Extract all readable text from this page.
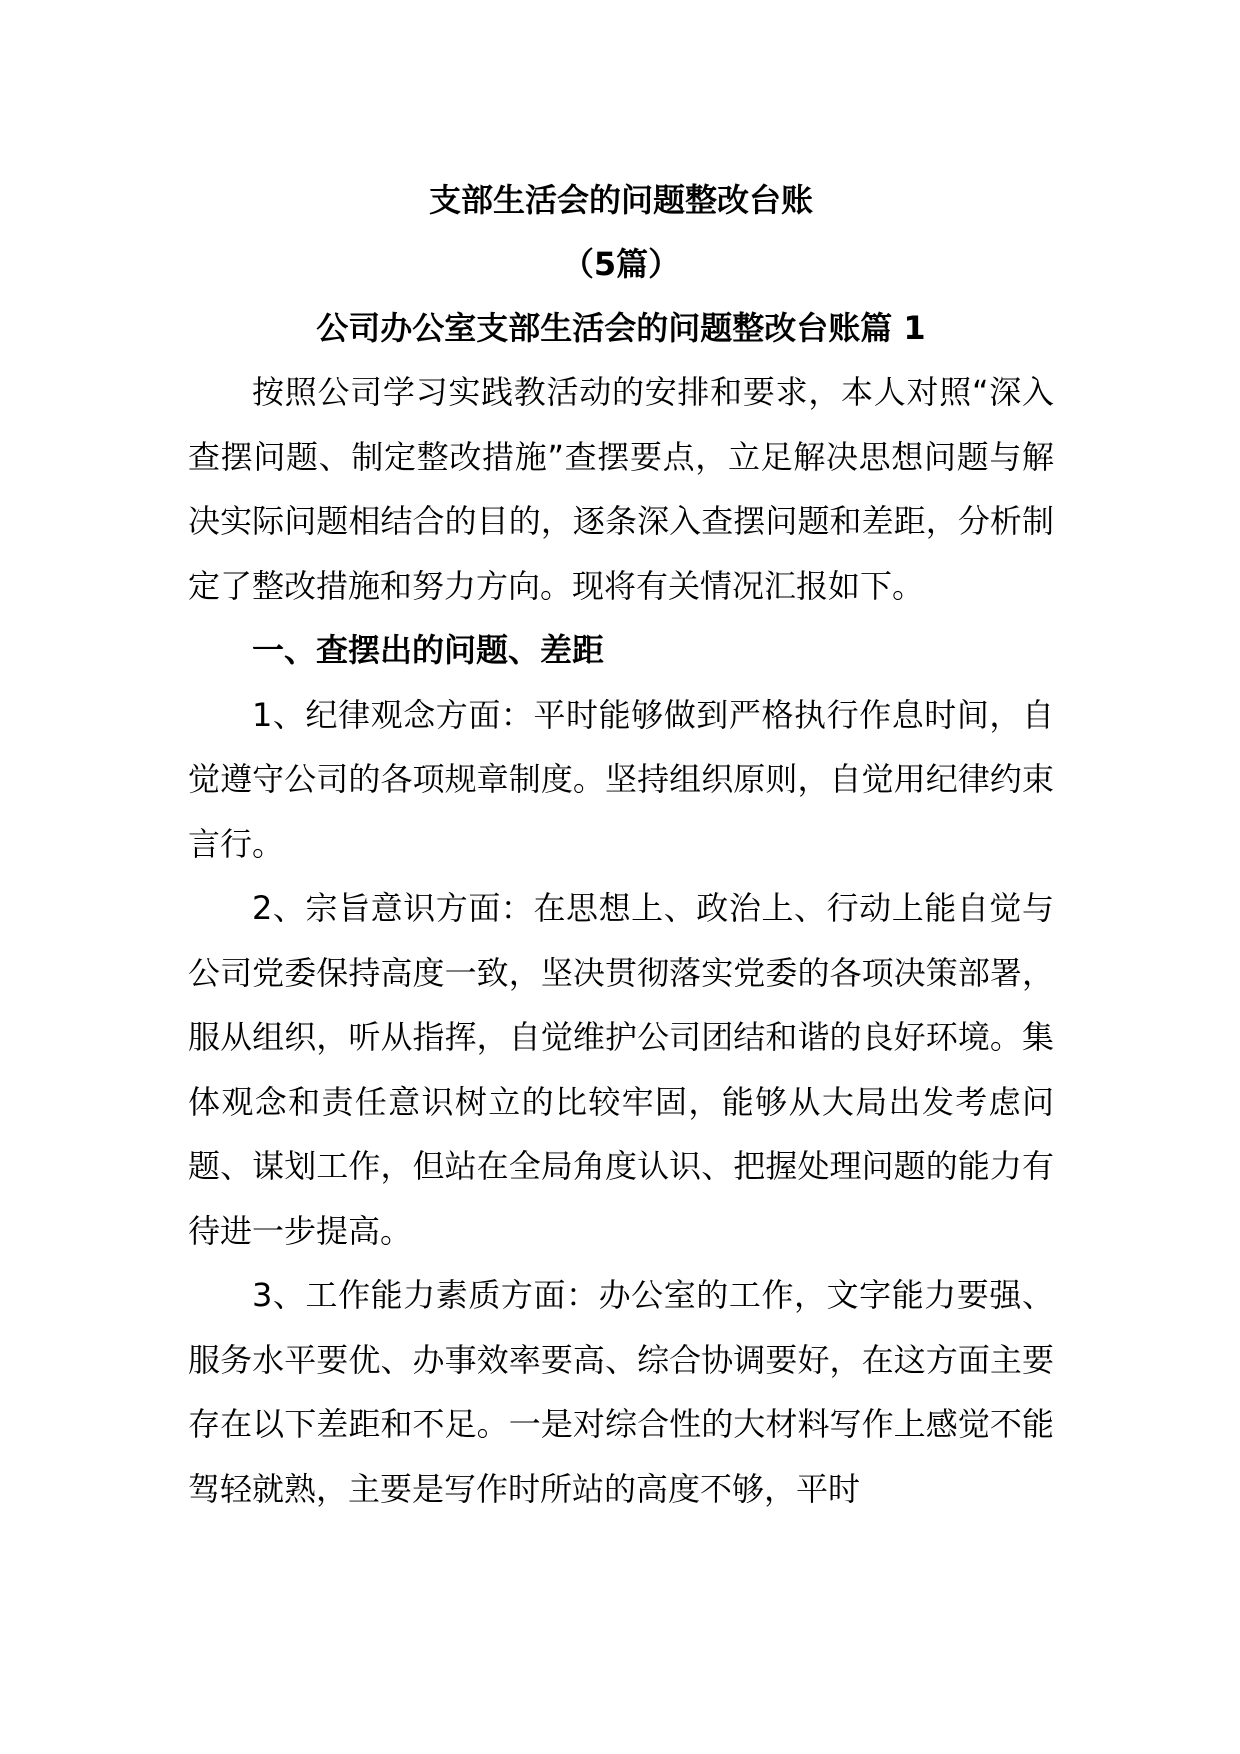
支部生活会的问题整改台账

（5篇）

公司办公室支部生活会的问题整改台账篇 1

按照公司学习实践教活动的安排和要求，本人对照“深入查摆问题、制定整改措施”查摆要点，立足解决思想问题与解决实际问题相结合的目的，逐条深入查摆问题和差距，分析制定了整改措施和努力方向。现将有关情况汇报如下。

一、查摆出的问题、差距

1、纪律观念方面：平时能够做到严格执行作息时间，自觉遵守公司的各项规章制度。坚持组织原则，自觉用纪律约束言行。

2、宗旨意识方面：在思想上、政治上、行动上能自觉与公司党委保持高度一致，坚决贯彻落实党委的各项决策部署，服从组织，听从指挥，自觉维护公司团结和谐的良好环境。集体观念和责任意识树立的比较牢固，能够从大局出发考虑问题、谋划工作，但站在全局角度认识、把握处理问题的能力有待进一步提高。

3、工作能力素质方面：办公室的工作，文字能力要强、服务水平要优、办事效率要高、综合协调要好，在这方面主要存在以下差距和不足。一是对综合性的大材料写作上感觉不能驾轻就熟，主要是写作时所站的高度不够，平时
